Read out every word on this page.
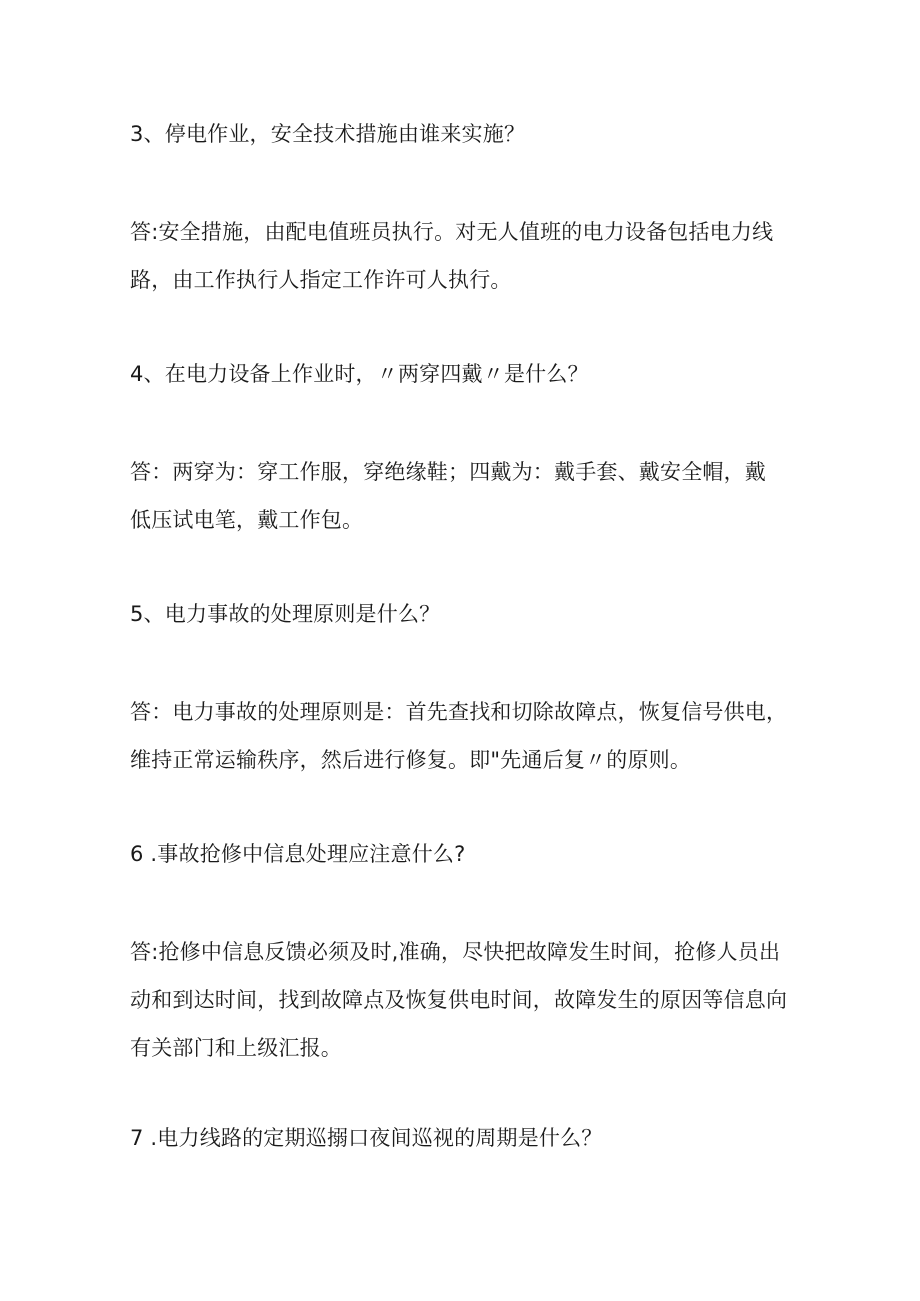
3、停电作业，安全技术措施由谁来实施？
答:安全措施，由配电值班员执行。对无人值班的电力设备包括电力线
路，由工作执行人指定工作许可人执行。
4、在电力设备上作业时，〃两穿四戴〃是什么？
答：两穿为：穿工作服，穿绝缘鞋；四戴为：戴手套、戴安全帽，戴
低压试电笔，戴工作包。
5、电力事故的处理原则是什么？
答：电力事故的处理原则是：首先查找和切除故障点，恢复信号供电，
维持正常运输秩序，然后进行修复。即"先通后复〃的原则。
6 .事故抢修中信息处理应注意什么?
答:抢修中信息反馈必须及时,准确，尽快把故障发生时间，抢修人员出
动和到达时间，找到故障点及恢复供电时间，故障发生的原因等信息向
有关部门和上级汇报。
7 .电力线路的定期巡搦口夜间巡视的周期是什么？
